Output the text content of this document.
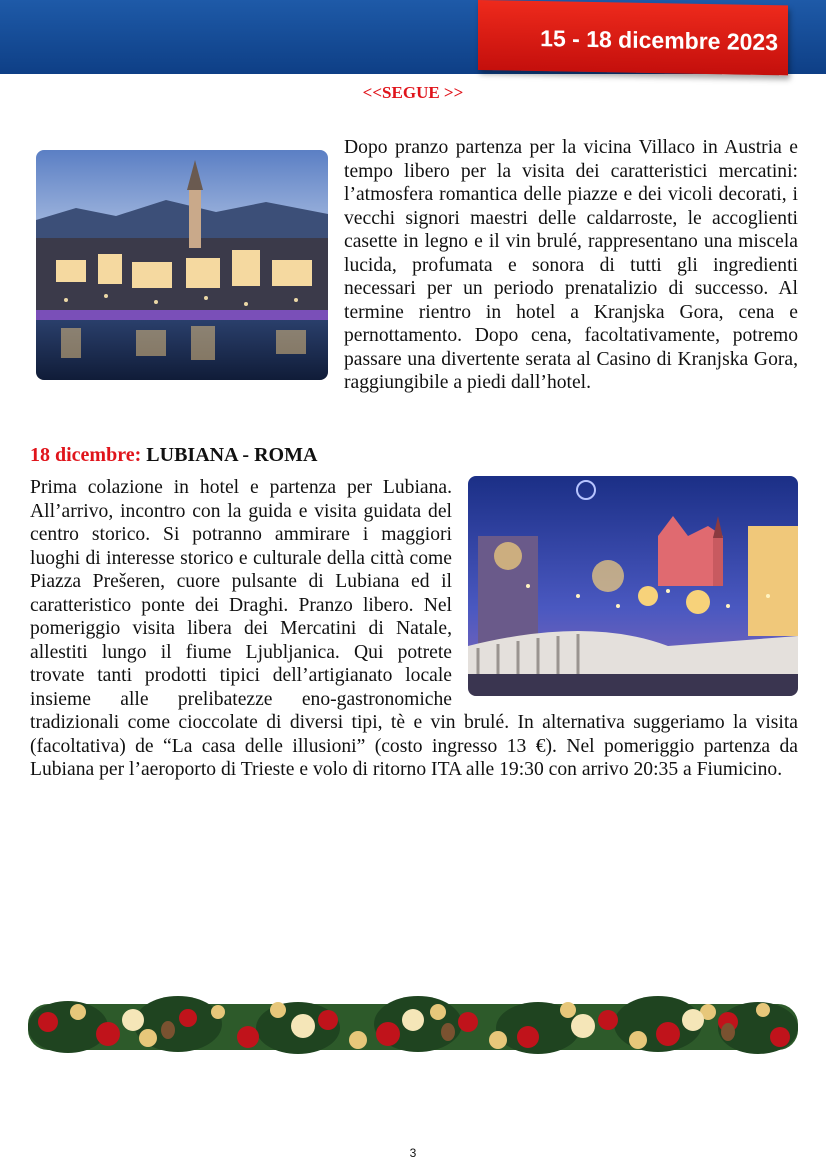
15 - 18 dicembre 2023
<<SEGUE >>
Dopo pranzo partenza per la vicina Villaco in Austria e tempo libero per la visita dei caratteristici mercatini: l’atmosfera romantica delle piazze e dei vicoli decorati, i vecchi signori maestri delle caldarroste, le accoglienti casette in legno e il vin brulé, rappresentano una miscela lucida, profumata e sonora di tutti gli ingredienti necessari per un periodo prenatalizio di successo. Al termine rientro in hotel a Kranjska Gora, cena e pernottamento. Dopo cena, facoltativamente, potremo passare una divertente serata al Casino di Kranjska Gora, raggiungibile a piedi dall’hotel.
18 dicembre: LUBIANA - ROMA
Prima colazione in hotel e partenza per Lubiana. All’arrivo, incontro con la guida e visita guidata del centro storico. Si potranno ammirare i maggiori luoghi di interesse storico e culturale della città come Piazza Prešeren, cuore pulsante di Lubiana ed il caratteristico ponte dei Draghi. Pranzo libero. Nel pomeriggio visita libera dei Mercatini di Natale, allestiti lungo il fiume Ljubljanica. Qui potrete trovate tanti prodotti tipici dell’artigianato locale insieme alle prelibatezze eno-gastronomiche tradizionali come cioccolate di diversi tipi, tè e vin brulé. In alternativa suggeriamo la visita (facoltativa) de “La casa delle illusioni” (costo ingresso 13 €). Nel pomeriggio partenza da Lubiana per l’aeroporto di Trieste e volo di ritorno ITA alle 19:30 con arrivo 20:35 a Fiumicino.
3
